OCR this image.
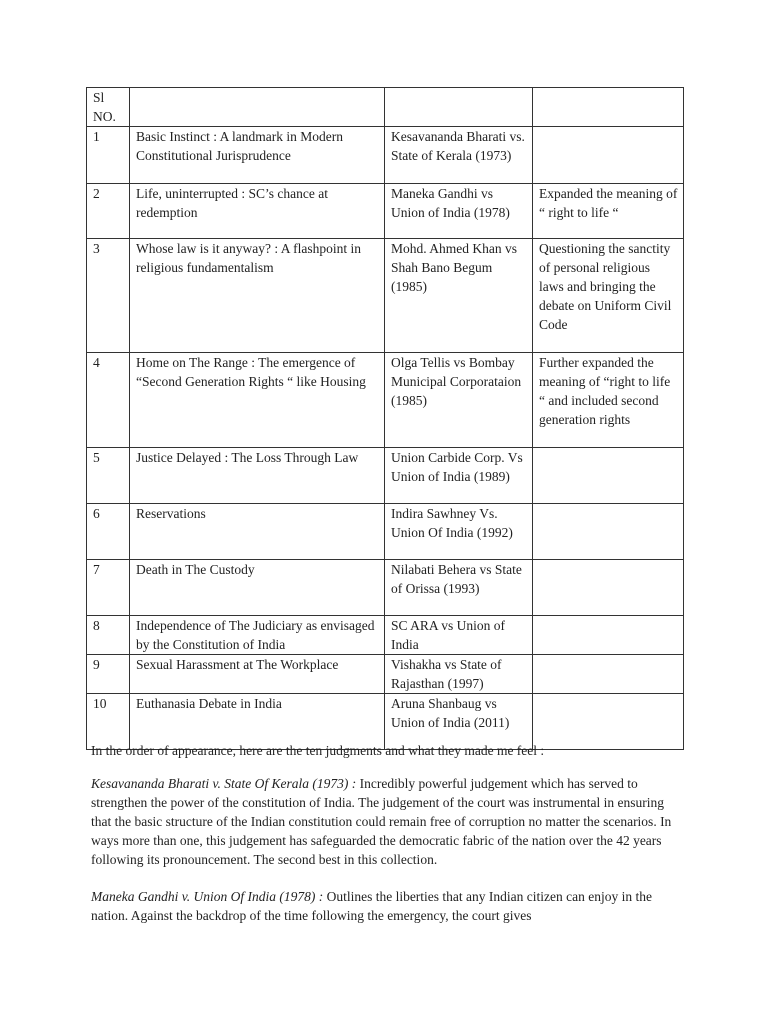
Sl NO.			
1	Basic Instinct : A landmark in Modern Constitutional Jurisprudence	Kesavananda Bharati vs. State of Kerala (1973)	
2	Life, uninterrupted : SC’s chance at redemption	Maneka Gandhi vs Union of India (1978)	Expanded the meaning of “ right to life “
3	Whose law is it anyway? : A flashpoint in religious fundamentalism	Mohd. Ahmed Khan vs Shah Bano Begum (1985)	Questioning the sanctity of personal religious laws and bringing the debate on Uniform Civil Code
4	Home on The Range : The emergence of “Second Generation Rights “ like Housing	Olga Tellis vs Bombay Municipal Corporataion (1985)	Further expanded the meaning of “right to life “ and included second generation rights
5	Justice Delayed : The Loss Through Law	Union Carbide Corp. Vs Union of India (1989)	
6	Reservations	Indira Sawhney Vs. Union Of India (1992)	
7	Death in The Custody	Nilabati Behera vs State of Orissa (1993)	
8	Independence of The Judiciary as envisaged by the Constitution of India	SC ARA vs Union of India	
9	Sexual Harassment at The Workplace	Vishakha vs State of Rajasthan (1997)	
10	Euthanasia Debate in India	Aruna Shanbaug vs Union of India (2011)	
In the order of appearance, here are the ten judgments and what they made me feel :
Kesavananda Bharati v. State Of Kerala (1973) : Incredibly powerful judgement which has served to strengthen the power of the constitution of India. The judgement of the court was instrumental in ensuring that the basic structure of the Indian constitution could remain free of corruption no matter the scenarios. In ways more than one, this judgement has safeguarded the democratic fabric of the nation over the 42 years following its pronouncement. The second best in this collection.
Maneka Gandhi v. Union Of India (1978) : Outlines the liberties that any Indian citizen can enjoy in the nation. Against the backdrop of the time following the emergency, the court gives
